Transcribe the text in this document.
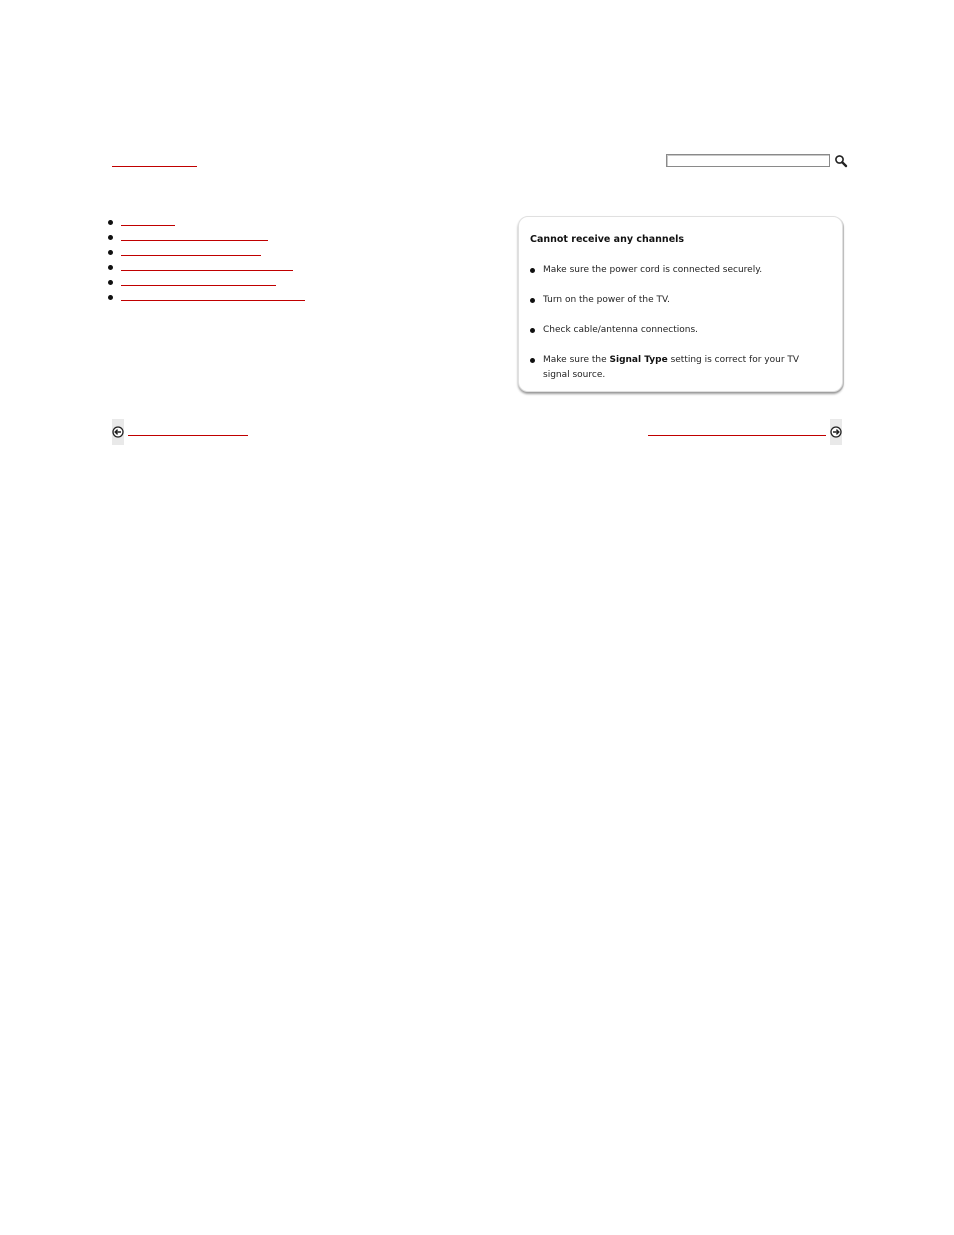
Cannot receive any channels
Make sure the power cord is connected securely.
Turn on the power of the TV.
Check cable/antenna connections.
Make sure the Signal Type setting is correct for your TV signal source.
